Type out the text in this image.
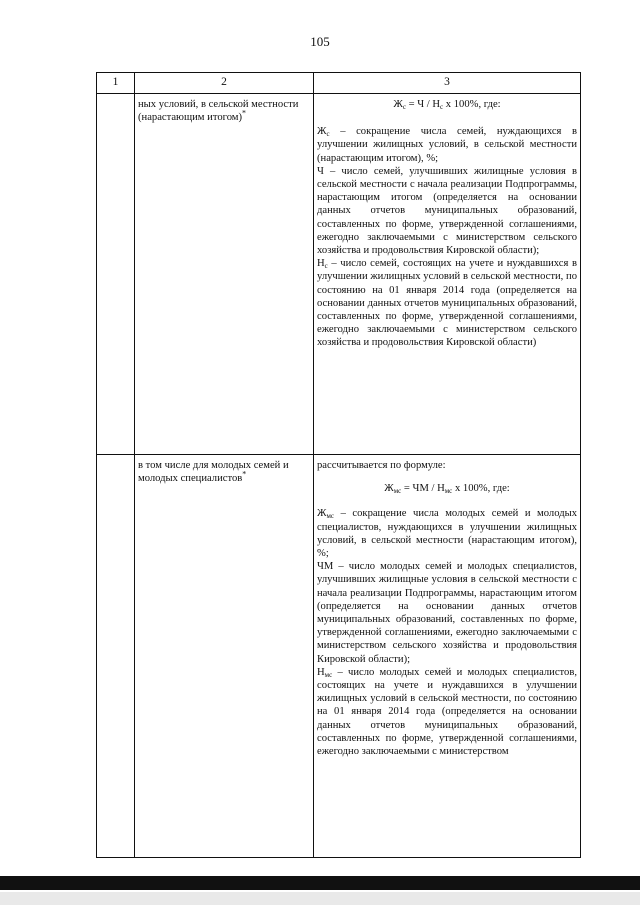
105
1	2	3
	ных условий, в сельской местности (нарастающим итогом)*	$Ж_с = Ч / Н_с$ х 100%, где:

$Ж_с$ – сокращение числа семей, нуждающихся в улучшении жилищных условий, в сельской местности (нарастающим итогом), %;

Ч – число семей, улучшивших жилищные условия в сельской местности с начала реализации Подпрограммы, нарастающим итогом (определяется на основании данных отчетов муниципальных образований, составленных по форме, утвержденной соглашениями, ежегодно заключаемыми с министерством сельского хозяйства и продовольствия Кировской области);

$Н_с$ – число семей, состоящих на учете и нуждавшихся в улучшении жилищных условий в сельской местности, по состоянию на 01 января 2014 года (определяется на основании данных отчетов муниципальных образований, составленных по форме, утвержденной соглашениями, ежегодно заключаемыми с министерством сельского хозяйства и продовольствия Кировской области)

	в том числе для молодых семей и молодых специалистов*	рассчитывается по формуле:

$Ж_{мс}$ = ЧМ / $Н_{мс}$ х 100%, где:

$Ж_{мс}$ – сокращение числа молодых семей и молодых специалистов, нуждающихся в улучшении жилищных условий, в сельской местности (нарастающим итогом), %;

ЧМ – число молодых семей и молодых специалистов, улучшивших жилищные условия в сельской местности с начала реализации Подпрограммы, нарастающим итогом (определяется на основании данных отчетов муниципальных образований, составленных по форме, утвержденной соглашениями, ежегодно заключаемыми с министерством сельского хозяйства и продовольствия Кировской области);

$Н_{мс}$ – число молодых семей и молодых специалистов, состоящих на учете и нуждавшихся в улучшении жилищных условий в сельской местности, по состоянию на 01 января 2014 года (определяется на основании данных отчетов муниципальных образований, составленных по форме, утвержденной соглашениями, ежегодно заключаемыми с министерством
